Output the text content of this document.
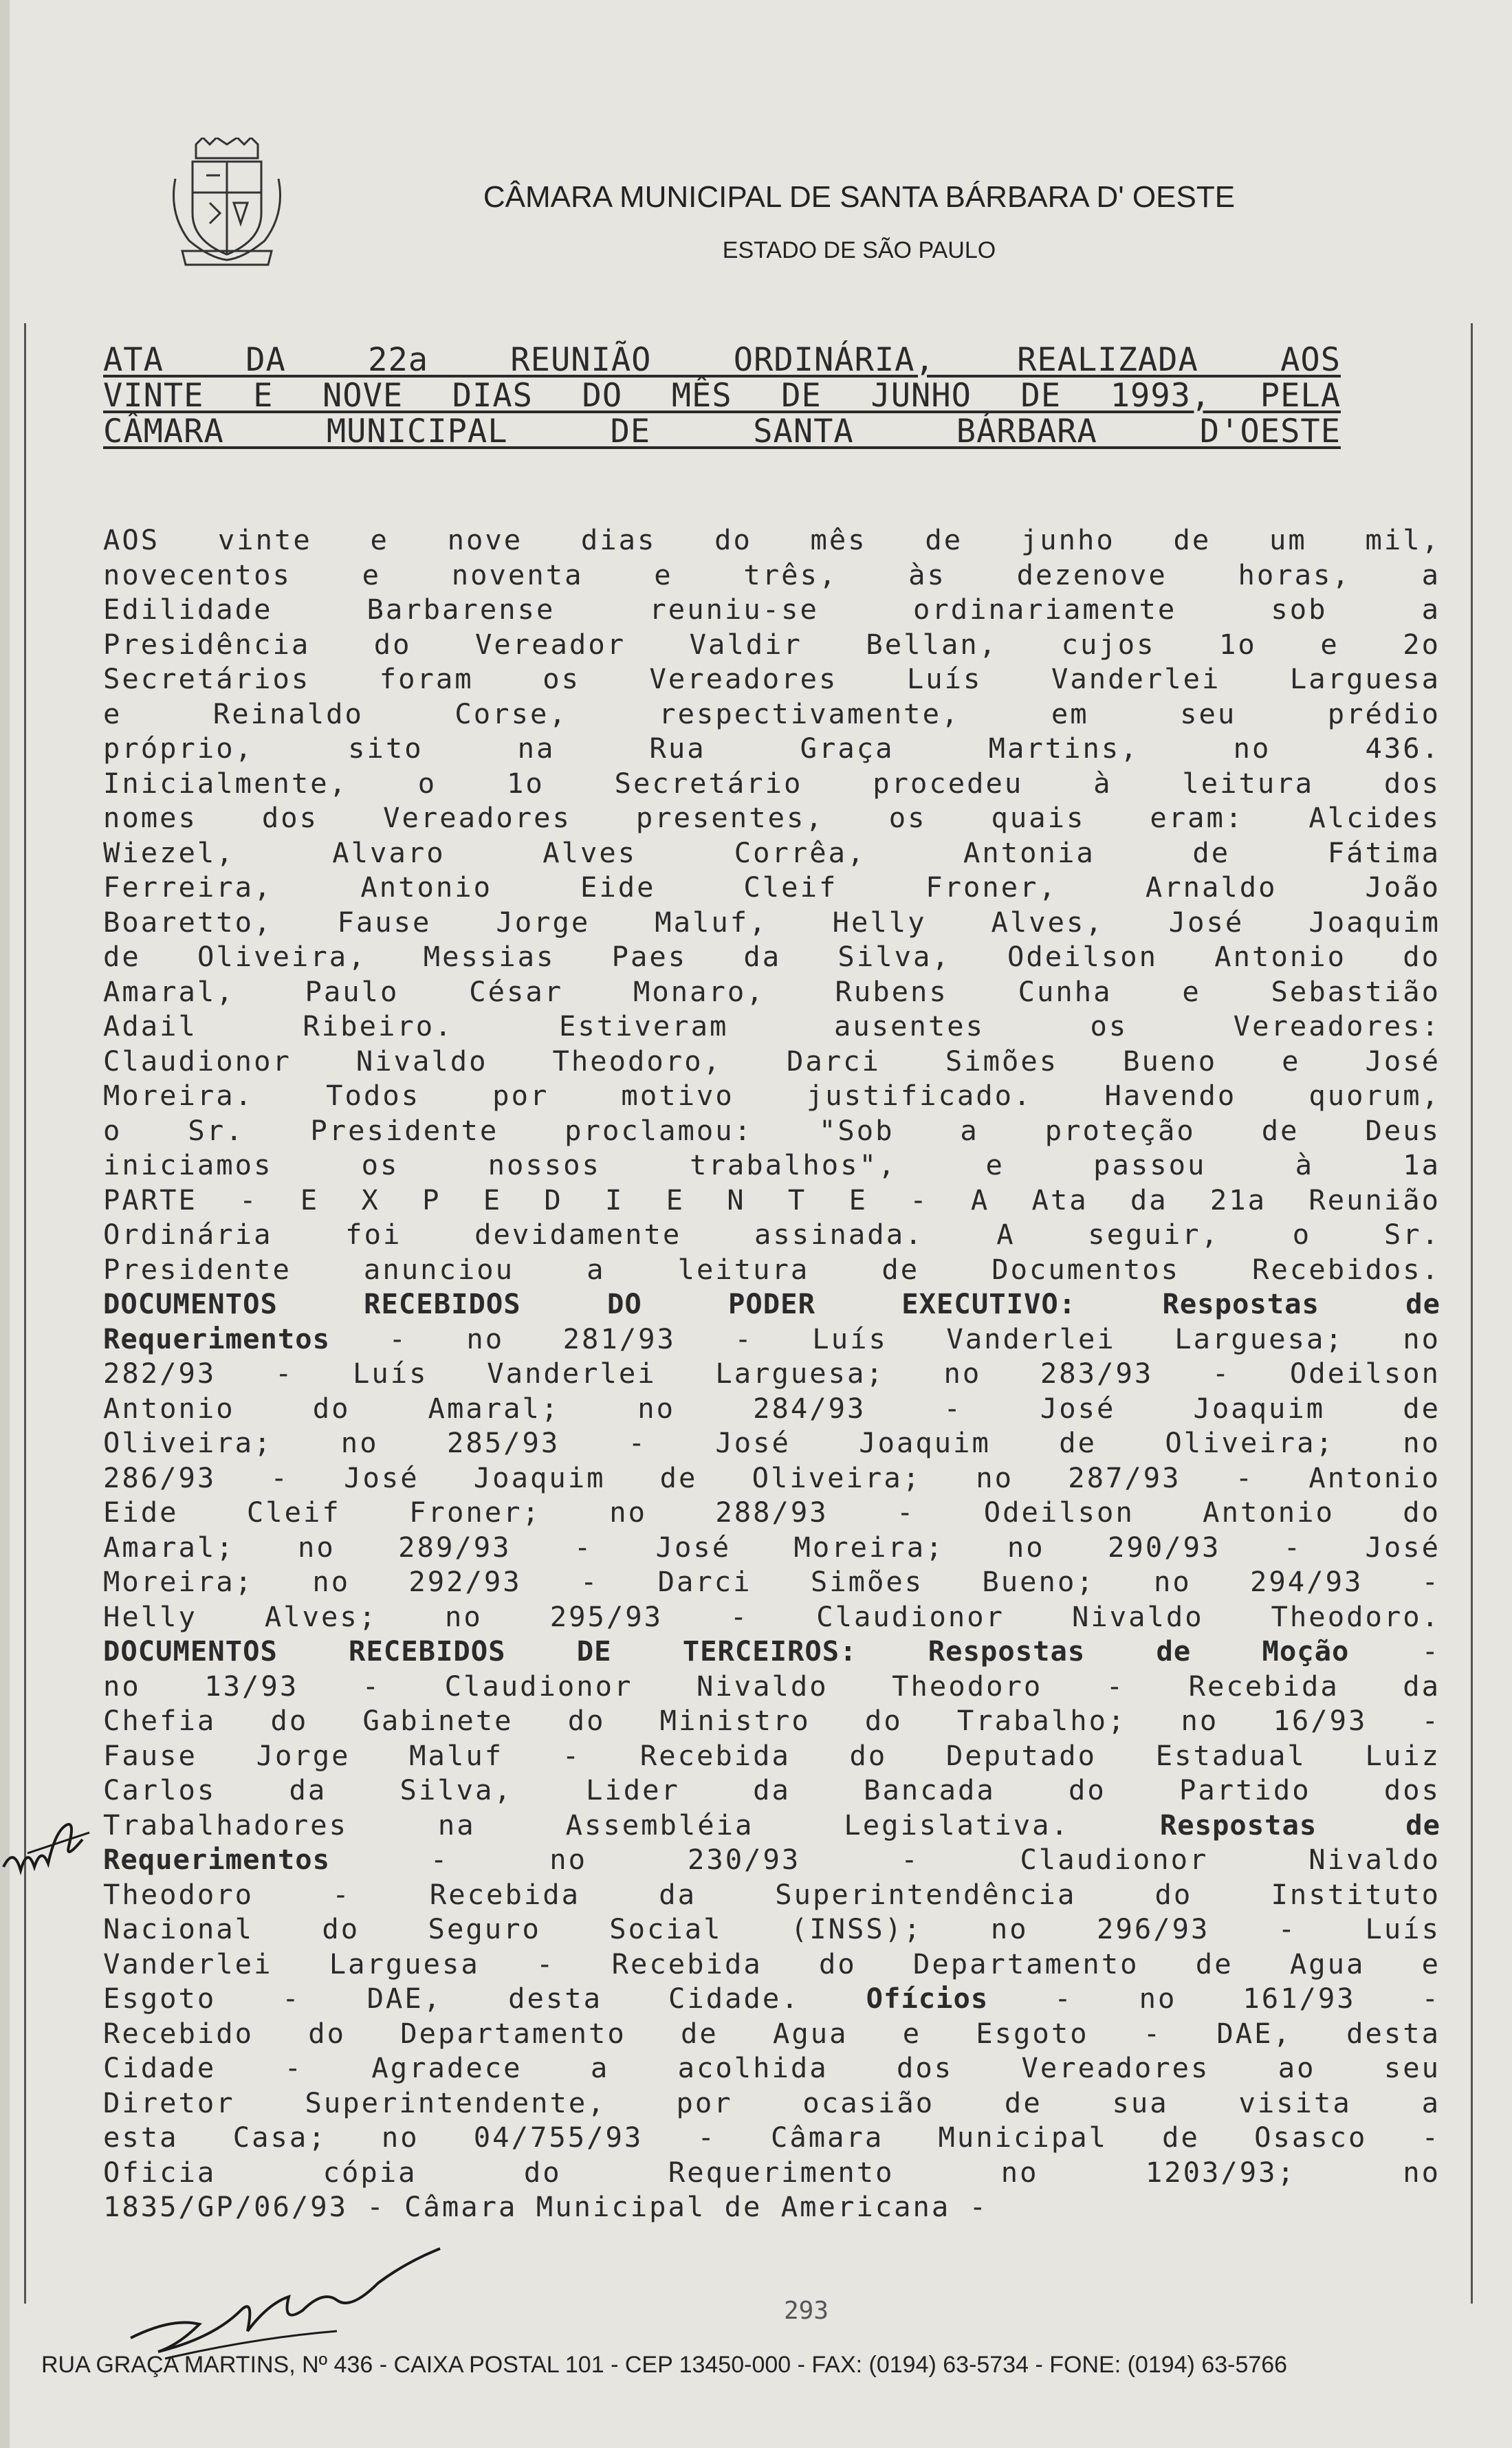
CÂMARA MUNICIPAL DE SANTA BÁRBARA D' OESTE
ESTADO DE SÃO PAULO
ATA DA 22a REUNIÃO ORDINÁRIA, REALIZADA AOS
VINTE E NOVE DIAS DO MÊS DE JUNHO DE 1993, PELA
CÂMARA MUNICIPAL DE SANTA BÁRBARA D'OESTE
AOS vinte e nove dias do mês de junho de um mil,
novecentos e noventa e três, às dezenove horas, a
Edilidade Barbarense reuniu-se ordinariamente sob a
Presidência do Vereador Valdir Bellan, cujos 1o e 2o
Secretários foram os Vereadores Luís Vanderlei Larguesa
e Reinaldo Corse, respectivamente, em seu prédio
próprio, sito na Rua Graça Martins, no 436.
Inicialmente, o 1o Secretário procedeu à leitura dos
nomes dos Vereadores presentes, os quais eram: Alcides
Wiezel, Alvaro Alves Corrêa, Antonia de Fátima
Ferreira, Antonio Eide Cleif Froner, Arnaldo João
Boaretto, Fause Jorge Maluf, Helly Alves, José Joaquim
de Oliveira, Messias Paes da Silva, Odeilson Antonio do
Amaral, Paulo César Monaro, Rubens Cunha e Sebastião
Adail Ribeiro. Estiveram ausentes os Vereadores:
Claudionor Nivaldo Theodoro, Darci Simões Bueno e José
Moreira. Todos por motivo justificado. Havendo quorum,
o Sr. Presidente proclamou: "Sob a proteção de Deus
iniciamos os nossos trabalhos", e passou à 1a
PARTE - E X P E D I E N T E - A Ata da 21a Reunião
Ordinária foi devidamente assinada. A seguir, o Sr.
Presidente anunciou a leitura de Documentos Recebidos.
DOCUMENTOS RECEBIDOS DO PODER EXECUTIVO: Respostas de
Requerimentos - no 281/93 - Luís Vanderlei Larguesa; no
282/93 - Luís Vanderlei Larguesa; no 283/93 - Odeilson
Antonio do Amaral; no 284/93 - José Joaquim de
Oliveira; no 285/93 - José Joaquim de Oliveira; no
286/93 - José Joaquim de Oliveira; no 287/93 - Antonio
Eide Cleif Froner; no 288/93 - Odeilson Antonio do
Amaral; no 289/93 - José Moreira; no 290/93 - José
Moreira; no 292/93 - Darci Simões Bueno; no 294/93 -
Helly Alves; no 295/93 - Claudionor Nivaldo Theodoro.
DOCUMENTOS RECEBIDOS DE TERCEIROS: Respostas de Moção -
no 13/93 - Claudionor Nivaldo Theodoro - Recebida da
Chefia do Gabinete do Ministro do Trabalho; no 16/93 -
Fause Jorge Maluf - Recebida do Deputado Estadual Luiz
Carlos da Silva, Lider da Bancada do Partido dos
Trabalhadores na Assembléia Legislativa. Respostas de
Requerimentos - no 230/93 - Claudionor Nivaldo
Theodoro - Recebida da Superintendência do Instituto
Nacional do Seguro Social (INSS); no 296/93 - Luís
Vanderlei Larguesa - Recebida do Departamento de Agua e
Esgoto - DAE, desta Cidade. Ofícios - no 161/93 -
Recebido do Departamento de Agua e Esgoto - DAE, desta
Cidade - Agradece a acolhida dos Vereadores ao seu
Diretor Superintendente, por ocasião de sua visita a
esta Casa; no 04/755/93 - Câmara Municipal de Osasco -
Oficia cópia do Requerimento no 1203/93; no
1835/GP/06/93 - Câmara Municipal de Americana -
293
RUA GRAÇA MARTINS, Nº 436 - CAIXA POSTAL 101 - CEP 13450-000 - FAX: (0194) 63-5734 - FONE: (0194) 63-5766
